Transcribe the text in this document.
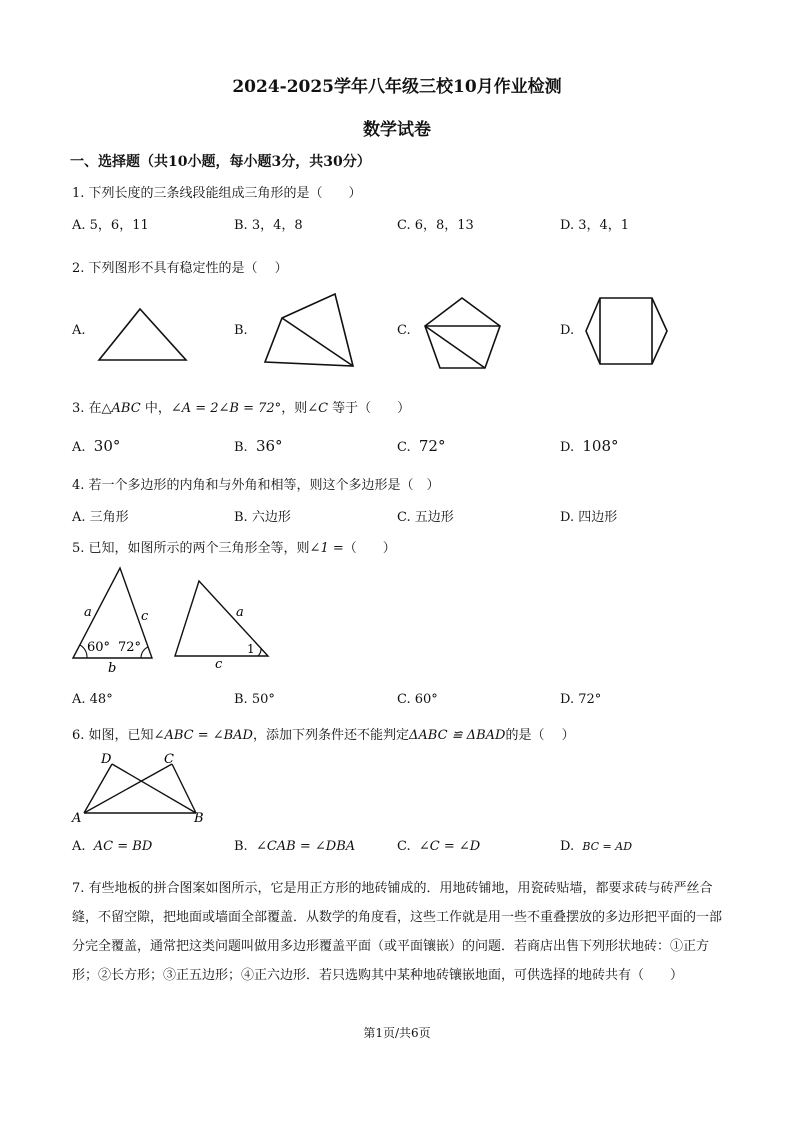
2024-2025学年八年级三校10月作业检测
数学试卷
一、选择题（共10小题，每小题3分，共30分）
1. 下列长度的三条线段能组成三角形的是（　　）
A. 5，6，11	B. 3，4，8	C. 6，8，13	D. 3，4，1
2. 下列图形不具有稳定性的是（　 ）
A.	B.	C.	D.
3. 在△ABC 中，∠A = 2∠B = 72°，则∠C 等于（　　）
A. 30°	B. 36°	C. 72°	D. 108°
4. 若一个多边形的内角和与外角和相等，则这个多边形是（　）
A. 三角形	B. 六边形	C. 五边形	D. 四边形
5. 已知，如图所示的两个三角形全等，则∠1 =（　　）
a	c
60° 72°
b
a
1
c
A. 48°	B. 50°	C. 60°	D. 72°
6. 如图，已知∠ABC = ∠BAD，添加下列条件还不能判定ΔABC ≌ ΔBAD的是（　 ）
D	C
A	B
A. AC = BD	B. ∠CAB = ∠DBA	C. ∠C = ∠D	D. BC = AD
7. 有些地板的拼合图案如图所示，它是用正方形的地砖铺成的．用地砖铺地，用瓷砖贴墙，都要求砖与砖严丝合缝，不留空隙，把地面或墙面全部覆盖．从数学的角度看，这些工作就是用一些不重叠摆放的多边形把平面的一部分完全覆盖，通常把这类问题叫做用多边形覆盖平面（或平面镶嵌）的问题．若商店出售下列形状地砖：①正方形；②长方形；③正五边形；④正六边形．若只选购其中某种地砖镶嵌地面，可供选择的地砖共有（　　）
第1页/共6页
